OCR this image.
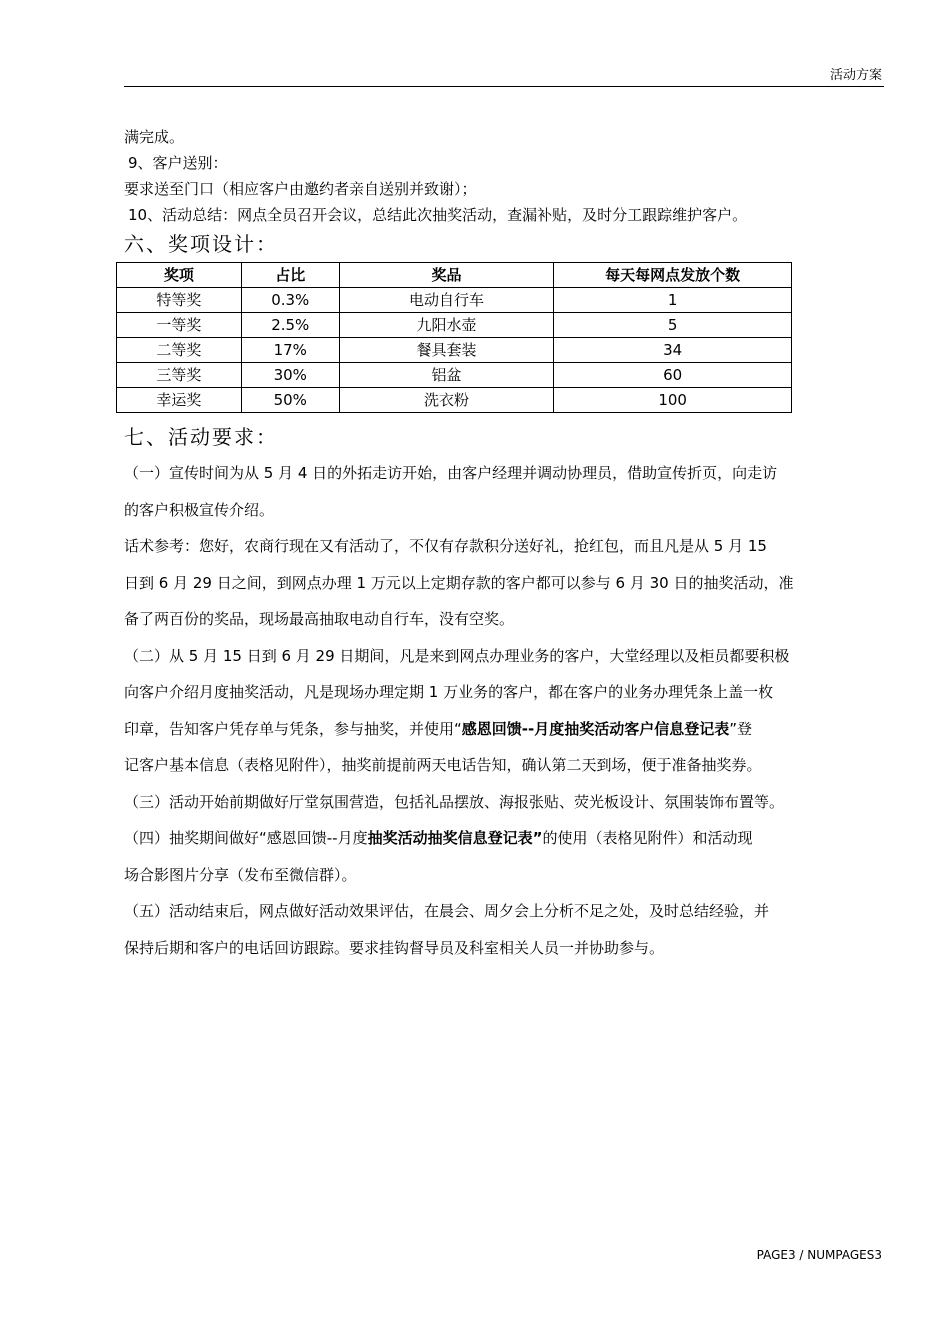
活动方案
满完成。
9、客户送别：
要求送至门口（相应客户由邀约者亲自送别并致谢）；
10、活动总结：网点全员召开会议，总结此次抽奖活动，查漏补贴，及时分工跟踪维护客户。
六、奖项设计：
奖项	占比	奖品	每天每网点发放个数
特等奖	0.3%	电动自行车	1
一等奖	2.5%	九阳水壶	5
二等奖	17%	餐具套装	34
三等奖	30%	铝盆	60
幸运奖	50%	洗衣粉	100
七、活动要求：
（一）宣传时间为从 5 月 4 日的外拓走访开始，由客户经理并调动协理员，借助宣传折页，向走访
的客户积极宣传介绍。
话术参考：您好，农商行现在又有活动了，不仅有存款积分送好礼，抢红包，而且凡是从 5 月 15
日到 6 月 29 日之间，到网点办理 1 万元以上定期存款的客户都可以参与 6 月 30 日的抽奖活动，准
备了两百份的奖品，现场最高抽取电动自行车，没有空奖。
（二）从 5 月 15 日到 6 月 29 日期间，凡是来到网点办理业务的客户，大堂经理以及柜员都要积极
向客户介绍月度抽奖活动，凡是现场办理定期 1 万业务的客户，都在客户的业务办理凭条上盖一枚
印章，告知客户凭存单与凭条，参与抽奖，并使用“感恩回馈--月度抽奖活动客户信息登记表”登
记客户基本信息（表格见附件），抽奖前提前两天电话告知，确认第二天到场，便于准备抽奖券。
（三）活动开始前期做好厅堂氛围营造，包括礼品摆放、海报张贴、荧光板设计、氛围装饰布置等。
（四）抽奖期间做好“感恩回馈--月度抽奖活动抽奖信息登记表”的使用（表格见附件）和活动现
场合影图片分享（发布至微信群）。
（五）活动结束后，网点做好活动效果评估，在晨会、周夕会上分析不足之处，及时总结经验，并
保持后期和客户的电话回访跟踪。要求挂钩督导员及科室相关人员一并协助参与。
PAGE3 / NUMPAGES3
